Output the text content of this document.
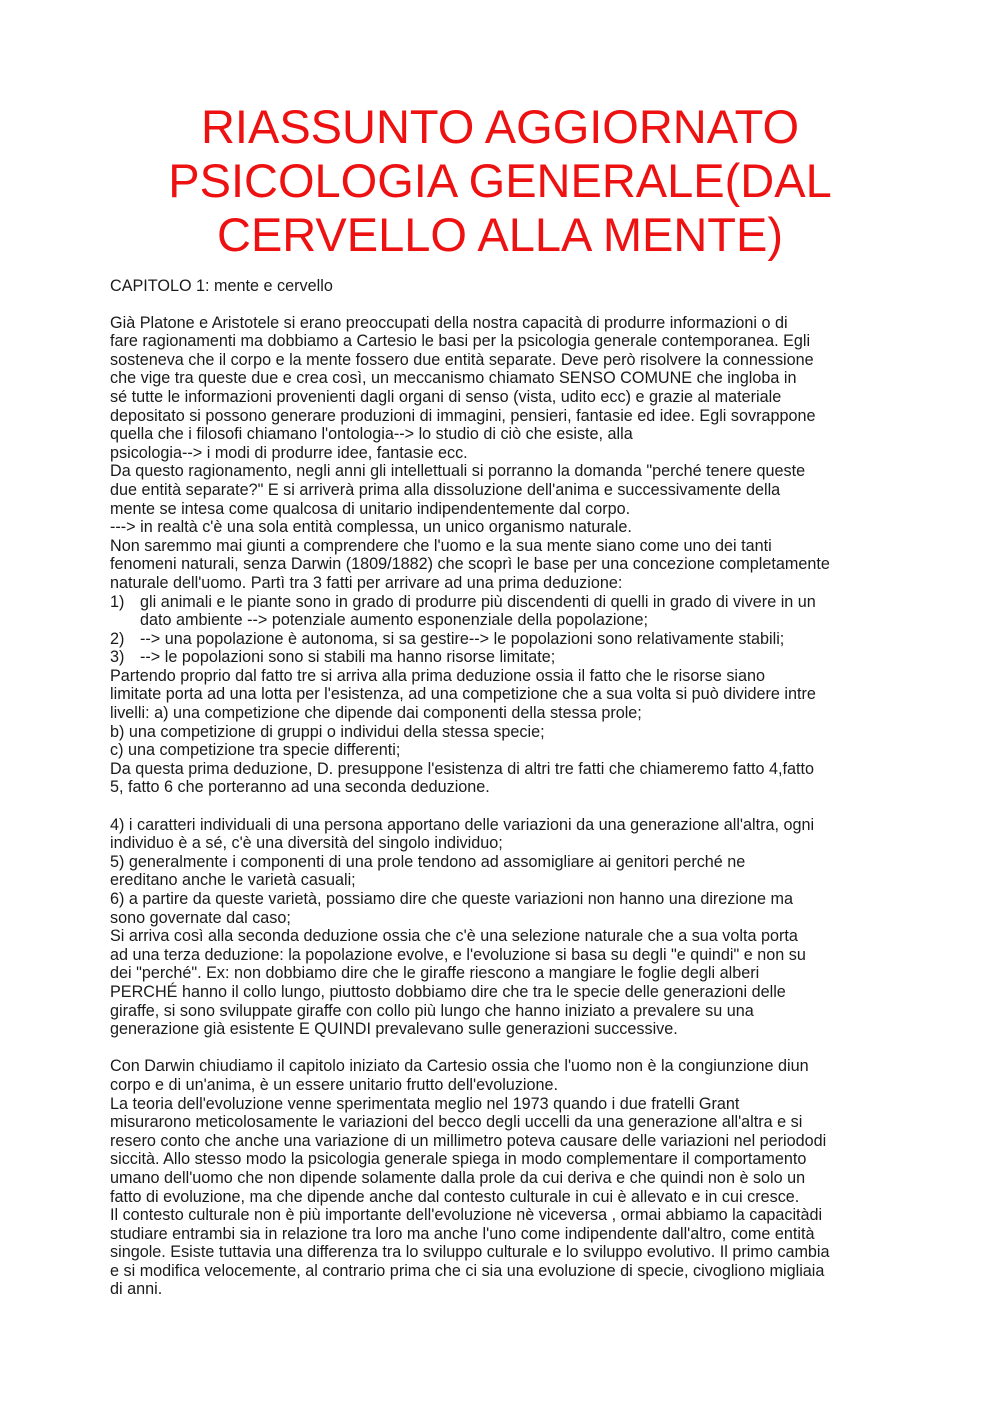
RIASSUNTO AGGIORNATO
PSICOLOGIA GENERALE(DAL
CERVELLO ALLA MENTE)
CAPITOLO 1: mente e cervello
Già Platone e Aristotele si erano preoccupati della nostra capacità di produrre informazioni o di
fare ragionamenti ma dobbiamo a Cartesio le basi per la psicologia generale contemporanea. Egli
sosteneva che il corpo e la mente fossero due entità separate. Deve però risolvere la connessione
che vige tra queste due e crea così, un meccanismo chiamato SENSO COMUNE che ingloba in
sé tutte le informazioni provenienti dagli organi di senso (vista, udito ecc) e grazie al materiale
depositato si possono generare produzioni di immagini, pensieri, fantasie ed idee. Egli sovrappone
quella che i filosofi chiamano l'ontologia--> lo studio di ciò che esiste, alla
psicologia--> i modi di produrre idee, fantasie ecc.
Da questo ragionamento, negli anni gli intellettuali si porranno la domanda "perché tenere queste
due entità separate?" E si arriverà prima alla dissoluzione dell'anima e successivamente della
mente se intesa come qualcosa di unitario indipendentemente dal corpo.
---> in realtà c'è una sola entità complessa, un unico organismo naturale.
Non saremmo mai giunti a comprendere che l'uomo e la sua mente siano come uno dei tanti
fenomeni naturali, senza Darwin (1809/1882) che scoprì le base per una concezione completamente
naturale dell'uomo. Partì tra 3 fatti per arrivare ad una prima deduzione:
1) gli animali e le piante sono in grado di produrre più discendenti di quelli in grado di vivere in un
dato ambiente --> potenziale aumento esponenziale della popolazione;
2) --> una popolazione è autonoma, si sa gestire--> le popolazioni sono relativamente stabili;
3) --> le popolazioni sono si stabili ma hanno risorse limitate;
Partendo proprio dal fatto tre si arriva alla prima deduzione ossia il fatto che le risorse siano
limitate porta ad una lotta per l'esistenza, ad una competizione che a sua volta si può dividere intre
livelli: a) una competizione che dipende dai componenti della stessa prole;
b) una competizione di gruppi o individui della stessa specie;
c) una competizione tra specie differenti;
Da questa prima deduzione, D. presuppone l'esistenza di altri tre fatti che chiameremo fatto 4,fatto
5, fatto 6 che porteranno ad una seconda deduzione.
4) i caratteri individuali di una persona apportano delle variazioni da una generazione all'altra, ogni
individuo è a sé, c'è una diversità del singolo individuo;
5) generalmente i componenti di una prole tendono ad assomigliare ai genitori perché ne
ereditano anche le varietà casuali;
6) a partire da queste varietà, possiamo dire che queste variazioni non hanno una direzione ma
sono governate dal caso;
Si arriva così alla seconda deduzione ossia che c'è una selezione naturale che a sua volta porta
ad una terza deduzione: la popolazione evolve, e l'evoluzione si basa su degli "e quindi" e non su
dei "perché". Ex: non dobbiamo dire che le giraffe riescono a mangiare le foglie degli alberi
PERCHÉ hanno il collo lungo, piuttosto dobbiamo dire che tra le specie delle generazioni delle
giraffe, si sono sviluppate giraffe con collo più lungo che hanno iniziato a prevalere su una
generazione già esistente E QUINDI prevalevano sulle generazioni successive.
Con Darwin chiudiamo il capitolo iniziato da Cartesio ossia che l'uomo non è la congiunzione diun
corpo e di un'anima, è un essere unitario frutto dell'evoluzione.
La teoria dell'evoluzione venne sperimentata meglio nel 1973 quando i due fratelli Grant
misurarono meticolosamente le variazioni del becco degli uccelli da una generazione all'altra e si
resero conto che anche una variazione di un millimetro poteva causare delle variazioni nel periododi
siccità. Allo stesso modo la psicologia generale spiega in modo complementare il comportamento
umano dell'uomo che non dipende solamente dalla prole da cui deriva e che quindi non è solo un
fatto di evoluzione, ma che dipende anche dal contesto culturale in cui è allevato e in cui cresce.
Il contesto culturale non è più importante dell'evoluzione nè viceversa , ormai abbiamo la capacitàdi
studiare entrambi sia in relazione tra loro ma anche l'uno come indipendente dall'altro, come entità
singole. Esiste tuttavia una differenza tra lo sviluppo culturale e lo sviluppo evolutivo. Il primo cambia
e si modifica velocemente, al contrario prima che ci sia una evoluzione di specie, civogliono migliaia
di anni.
